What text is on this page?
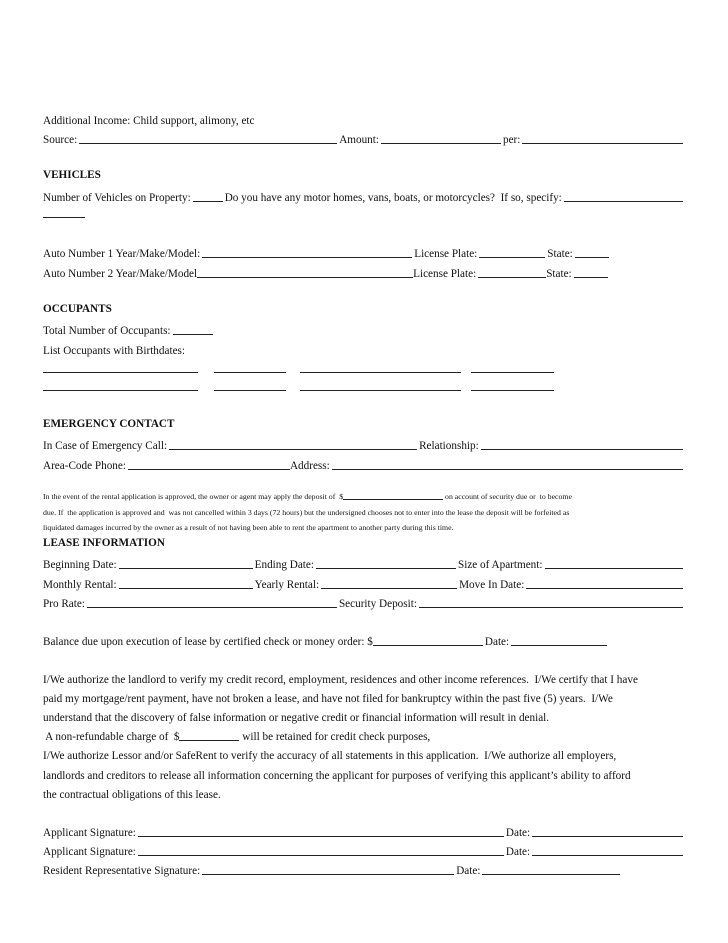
Additional Income: Child support, alimony, etc
Source:	Amount:	per:
VEHICLES
Number of Vehicles on Property:	Do you have any motor homes, vans, boats, or motorcycles?  If so, specify:
Auto Number 1 Year/Make/Model:	License Plate:	State:
Auto Number 2 Year/Make/Model	License Plate:	State:
OCCUPANTS
Total Number of Occupants:
List Occupants with Birthdates:
EMERGENCY CONTACT
In Case of Emergency Call:	Relationship:
Area-Code Phone:	Address:
In the event of the rental application is approved, the owner or agent may apply the deposit of $	on account of security due or  to become
due. If  the application is approved and  was not cancelled within 3 days (72 hours) but the undersigned chooses not to enter into the lease the deposit will be forfeited as
liquidated damages incurred by the owner as a result of not having been able to rent the apartment to another party during this time.
LEASE INFORMATION
Beginning Date:	Ending Date:	Size of Apartment:
Monthly Rental:	Yearly Rental:	Move In Date:
Pro Rate:	Security Deposit:
Balance due upon execution of lease by certified check or money order: $	Date:
I/We authorize the landlord to verify my credit record, employment, residences and other income references.  I/We certify that I have
paid my mortgage/rent payment, have not broken a lease, and have not filed for bankruptcy within the past five (5) years.  I/We
understand that the discovery of false information or negative credit or financial information will result in denial.
A non-refundable charge of $	will be retained for credit check purposes,
I/We authorize Lessor and/or SafeRent to verify the accuracy of all statements in this application.  I/We authorize all employers,
landlords and creditors to release all information concerning the applicant for purposes of verifying this applicant’s ability to afford
the contractual obligations of this lease.
Applicant Signature:	Date:
Applicant Signature:	Date:
Resident Representative Signature:	Date:
